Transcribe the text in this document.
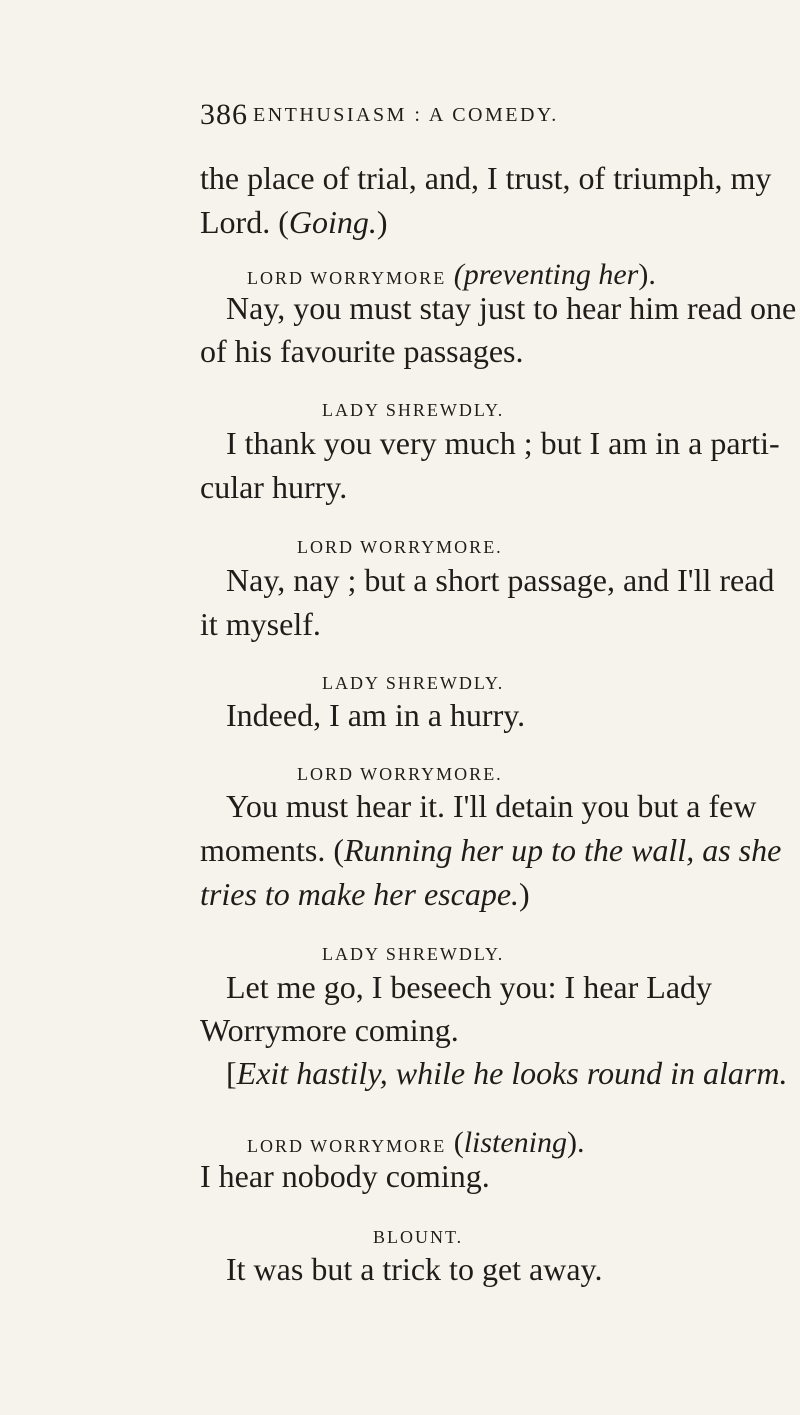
386 ENTHUSIASM : A COMEDY.
the place of trial, and, I trust, of triumph, my
Lord. (Going.)
LORD WORRYMORE (preventing her).
Nay, you must stay just to hear him read one
of his favourite passages.
LADY SHREWDLY.
I thank you very much ; but I am in a parti-
cular hurry.
LORD WORRYMORE.
Nay, nay ; but a short passage, and I'll read
it myself.
LADY SHREWDLY.
Indeed, I am in a hurry.
LORD WORRYMORE.
You must hear it. I'll detain you but a few
moments. (Running her up to the wall, as she
tries to make her escape.)
LADY SHREWDLY.
Let me go, I beseech you: I hear Lady
Worrymore coming.
[Exit hastily, while he looks round in alarm.
LORD WORRYMORE (listening).
I hear nobody coming.
BLOUNT.
It was but a trick to get away.
